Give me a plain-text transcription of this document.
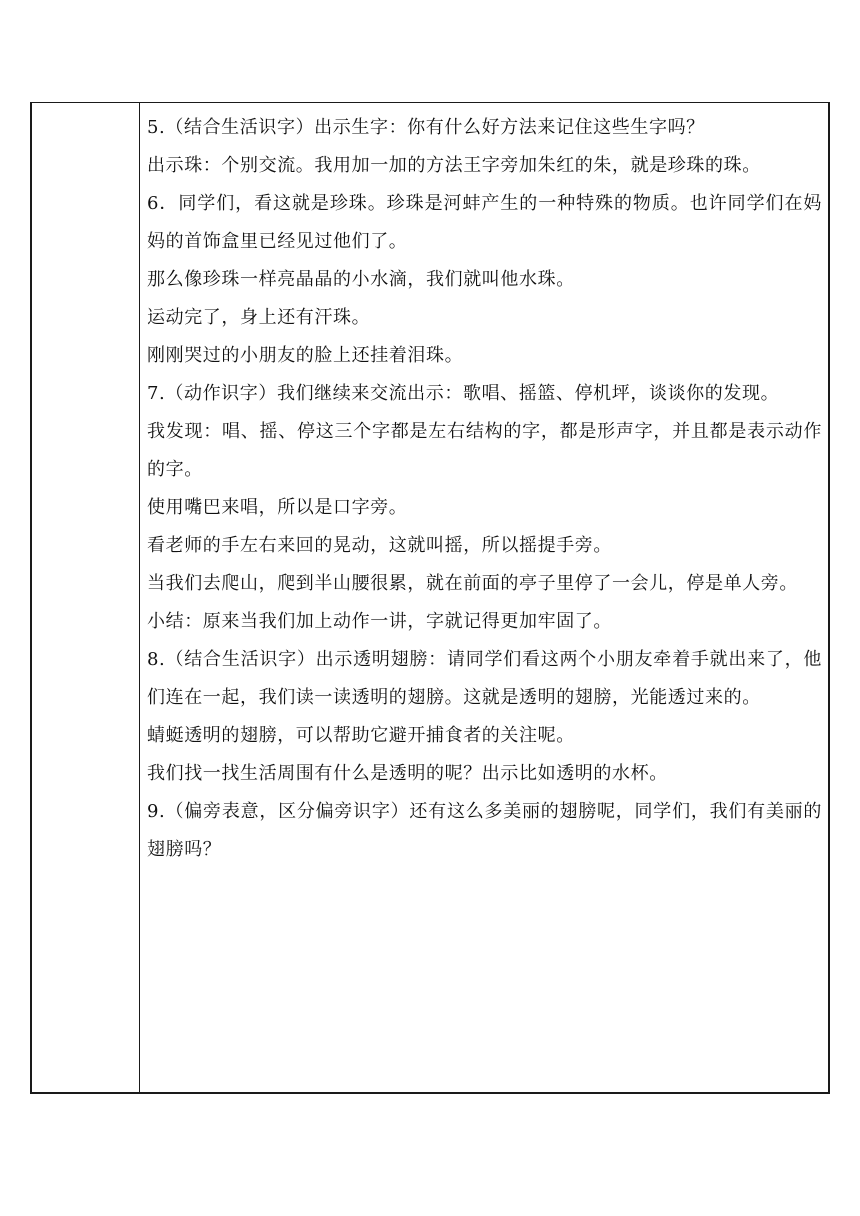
5.（结合生活识字）出示生字：你有什么好方法来记住这些生字吗？

出示珠：个别交流。我用加一加的方法王字旁加朱红的朱，就是珍珠的珠。

6．同学们，看这就是珍珠。珍珠是河蚌产生的一种特殊的物质。也许同学们在妈妈的首饰盒里已经见过他们了。

那么像珍珠一样亮晶晶的小水滴，我们就叫他水珠。

运动完了，身上还有汗珠。

刚刚哭过的小朋友的脸上还挂着泪珠。

7.（动作识字）我们继续来交流出示：歌唱、摇篮、停机坪，谈谈你的发现。

我发现：唱、摇、停这三个字都是左右结构的字，都是形声字，并且都是表示动作的字。

使用嘴巴来唱，所以是口字旁。

看老师的手左右来回的晃动，这就叫摇，所以摇提手旁。

当我们去爬山，爬到半山腰很累，就在前面的亭子里停了一会儿，停是单人旁。

小结：原来当我们加上动作一讲，字就记得更加牢固了。

8.（结合生活识字）出示透明翅膀：请同学们看这两个小朋友牵着手就出来了，他们连在一起，我们读一读透明的翅膀。这就是透明的翅膀，光能透过来的。

蜻蜓透明的翅膀，可以帮助它避开捕食者的关注呢。

我们找一找生活周围有什么是透明的呢？出示比如透明的水杯。

9.（偏旁表意，区分偏旁识字）还有这么多美丽的翅膀呢，同学们，我们有美丽的翅膀吗？
